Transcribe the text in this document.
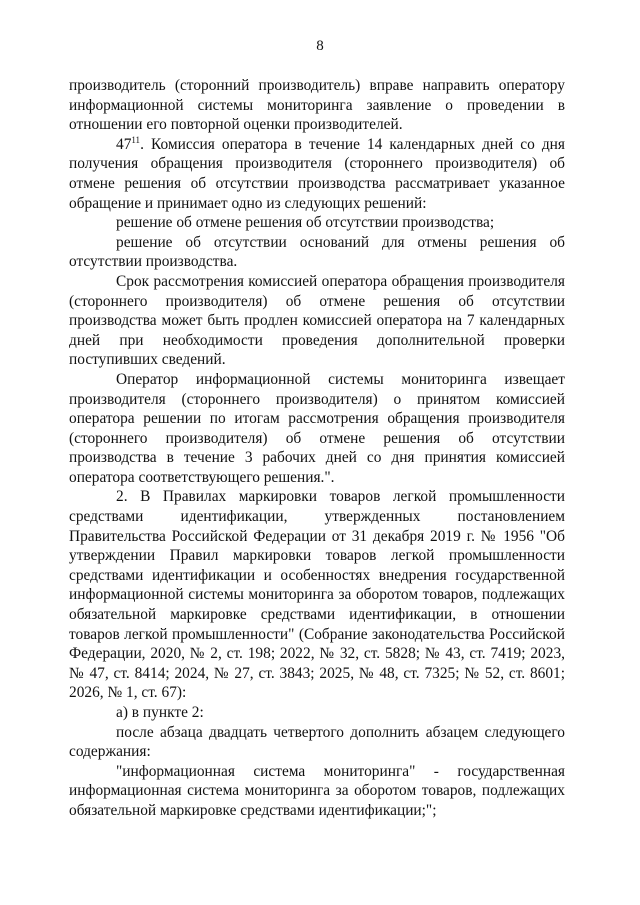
8

производитель (сторонний производитель) вправе направить оператору информационной системы мониторинга заявление о проведении в отношении его повторной оценки производителей.

$47^{11}$. Комиссия оператора в течение 14 календарных дней со дня получения обращения производителя (стороннего производителя) об отмене решения об отсутствии производства рассматривает указанное обращение и принимает одно из следующих решений:

решение об отмене решения об отсутствии производства;

решение об отсутствии оснований для отмены решения об отсутствии производства.

Срок рассмотрения комиссией оператора обращения производителя (стороннего производителя) об отмене решения об отсутствии производства может быть продлен комиссией оператора на 7 календарных дней при необходимости проведения дополнительной проверки поступивших сведений.

Оператор информационной системы мониторинга извещает производителя (стороннего производителя) о принятом комиссией оператора решении по итогам рассмотрения обращения производителя (стороннего производителя) об отмене решения об отсутствии производства в течение 3 рабочих дней со дня принятия комиссией оператора соответствующего решения.".

2. В Правилах маркировки товаров легкой промышленности средствами идентификации, утвержденных постановлением Правительства Российской Федерации от 31 декабря 2019 г. № 1956 "Об утверждении Правил маркировки товаров легкой промышленности средствами идентификации и особенностях внедрения государственной информационной системы мониторинга за оборотом товаров, подлежащих обязательной маркировке средствами идентификации, в отношении товаров легкой промышленности" (Собрание законодательства Российской Федерации, 2020, № 2, ст. 198; 2022, № 32, ст. 5828; № 43, ст. 7419; 2023, № 47, ст. 8414; 2024, № 27, ст. 3843; 2025, № 48, ст. 7325; № 52, ст. 8601; 2026, № 1, ст. 67):

а) в пункте 2:

после абзаца двадцать четвертого дополнить абзацем следующего содержания:

"информационная система мониторинга" - государственная информационная система мониторинга за оборотом товаров, подлежащих обязательной маркировке средствами идентификации;";
